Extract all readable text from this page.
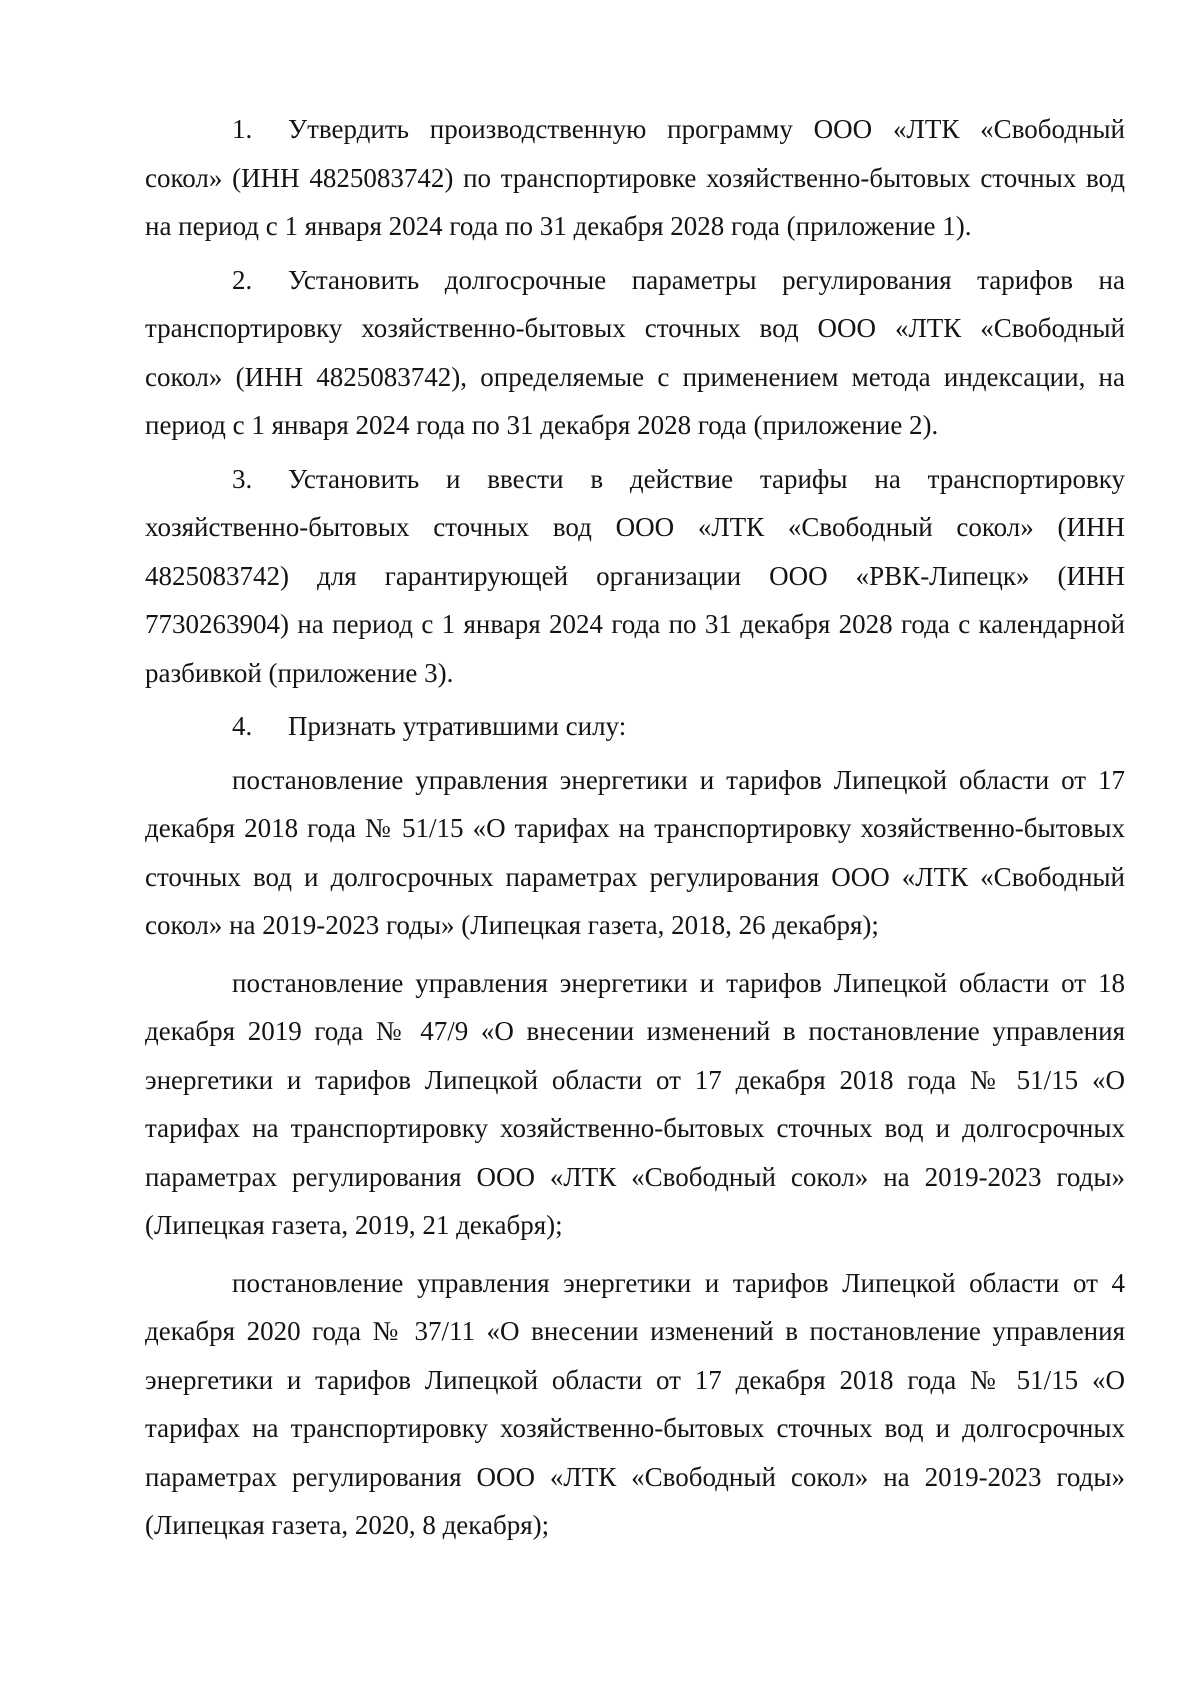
1. Утвердить производственную программу ООО «ЛТК «Свободный сокол» (ИНН 4825083742) по транспортировке хозяйственно-бытовых сточных вод на период с 1 января 2024 года по 31 декабря 2028 года (приложение 1).

2. Установить долгосрочные параметры регулирования тарифов на транспортировку хозяйственно-бытовых сточных вод ООО «ЛТК «Свободный сокол» (ИНН 4825083742), определяемые с применением метода индексации, на период с 1 января 2024 года по 31 декабря 2028 года (приложение 2).

3. Установить и ввести в действие тарифы на транспортировку хозяйственно-бытовых сточных вод ООО «ЛТК «Свободный сокол» (ИНН 4825083742) для гарантирующей организации ООО «РВК-Липецк» (ИНН 7730263904) на период с 1 января 2024 года по 31 декабря 2028 года с календарной разбивкой (приложение 3).

4. Признать утратившими силу:

постановление управления энергетики и тарифов Липецкой области от 17 декабря 2018 года № 51/15 «О тарифах на транспортировку хозяйственно-бытовых сточных вод и долгосрочных параметрах регулирования ООО «ЛТК «Свободный сокол» на 2019-2023 годы» (Липецкая газета, 2018, 26 декабря);

постановление управления энергетики и тарифов Липецкой области от 18 декабря 2019 года № 47/9 «О внесении изменений в постановление управления энергетики и тарифов Липецкой области от 17 декабря 2018 года № 51/15 «О тарифах на транспортировку хозяйственно-бытовых сточных вод и долгосрочных параметрах регулирования ООО «ЛТК «Свободный сокол» на 2019-2023 годы» (Липецкая газета, 2019, 21 декабря);

постановление управления энергетики и тарифов Липецкой области от 4 декабря 2020 года № 37/11 «О внесении изменений в постановление управления энергетики и тарифов Липецкой области от 17 декабря 2018 года № 51/15 «О тарифах на транспортировку хозяйственно-бытовых сточных вод и долгосрочных параметрах регулирования ООО «ЛТК «Свободный сокол» на 2019-2023 годы» (Липецкая газета, 2020, 8 декабря);
